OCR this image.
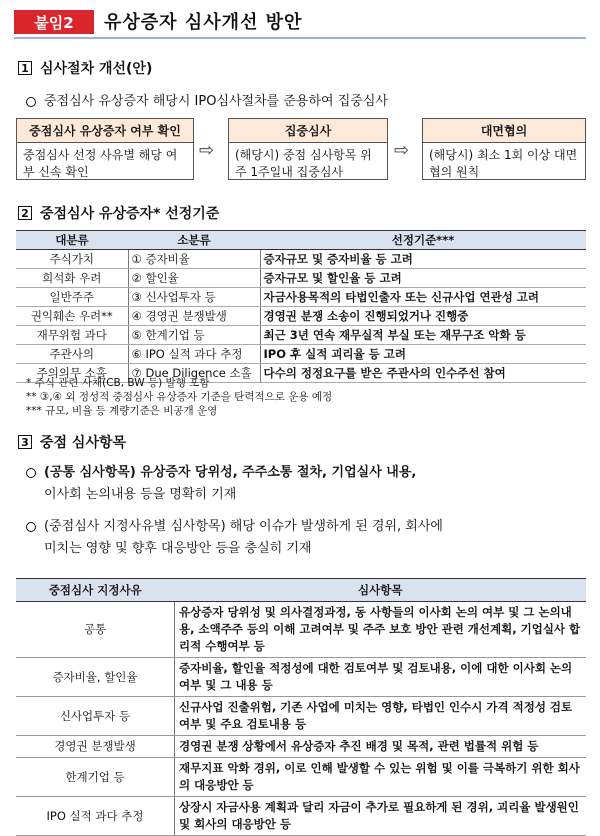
붙임2	유상증자 심사개선 방안
1 심사절차 개선(안)
중점심사 유상증자 해당시 IPO심사절차를 준용하여 집중심사
중점심사 유상증자 여부 확인
중점심사 선정 사유별 해당 여부 신속 확인
⇨
집중심사
(해당시) 중점 심사항목 위주 1주일내 집중심사
⇨
대면협의
(해당시) 최소 1회 이상 대면협의 원칙
2 중점심사 유상증자* 선정기준
대분류	소분류	선정기준***
주식가치	① 증자비율	증자규모 및 증자비율 등 고려
희석화 우려	② 할인율	증자규모 및 할인율 등 고려
일반주주	③ 신사업투자 등	자금사용목적의 타법인출자 또는 신규사업 연관성 고려
권익훼손 우려**	④ 경영권 분쟁발생	경영권 분쟁 소송이 진행되었거나 진행중
재무위험 과다	⑤ 한계기업 등	최근 3년 연속 재무실적 부실 또는 재무구조 악화 등
주관사의	⑥ IPO 실적 과다 추정	IPO 후 실적 괴리율 등 고려
주의의무 소홀	⑦ Due Diligence 소홀	다수의 정정요구를 받은 주관사의 인수주선 참여
* 주식 관련 사채(CB, BW 등) 발행 포함
** ③,④ 외 정성적 중점심사 유상증자 기준을 탄력적으로 운용 예정
*** 규모, 비율 등 계량기준은 비공개 운영
3 중점 심사항목
(공통 심사항목) 유상증자 당위성, 주주소통 절차, 기업실사 내용,
이사회 논의내용 등을 명확히 기재
(중점심사 지정사유별 심사항목) 해당 이슈가 발생하게 된 경위, 회사에
미치는 영향 및 향후 대응방안 등을 충실히 기재
중점심사 지정사유	심사항목
공통	유상증자 당위성 및 의사결정과정, 동 사항들의 이사회 논의 여부 및 그 논의내용, 소액주주 등의 이해 고려여부 및 주주 보호 방안 관련 개선계획, 기업실사 합리적 수행여부 등
증자비율, 할인율	증자비율, 할인율 적정성에 대한 검토여부 및 검토내용, 이에 대한 이사회 논의여부 및 그 내용 등
신사업투자 등	신규사업 진출위험, 기존 사업에 미치는 영향, 타법인 인수시 가격 적정성 검토여부 및 주요 검토내용 등
경영권 분쟁발생	경영권 분쟁 상황에서 유상증자 추진 배경 및 목적, 관련 법률적 위험 등
한계기업 등	재무지표 악화 경위, 이로 인해 발생할 수 있는 위험 및 이를 극복하기 위한 회사의 대응방안 등
IPO 실적 과다 추정	상장시 자금사용 계획과 달리 자금이 추가로 필요하게 된 경위, 괴리율 발생원인 및 회사의 대응방안 등
